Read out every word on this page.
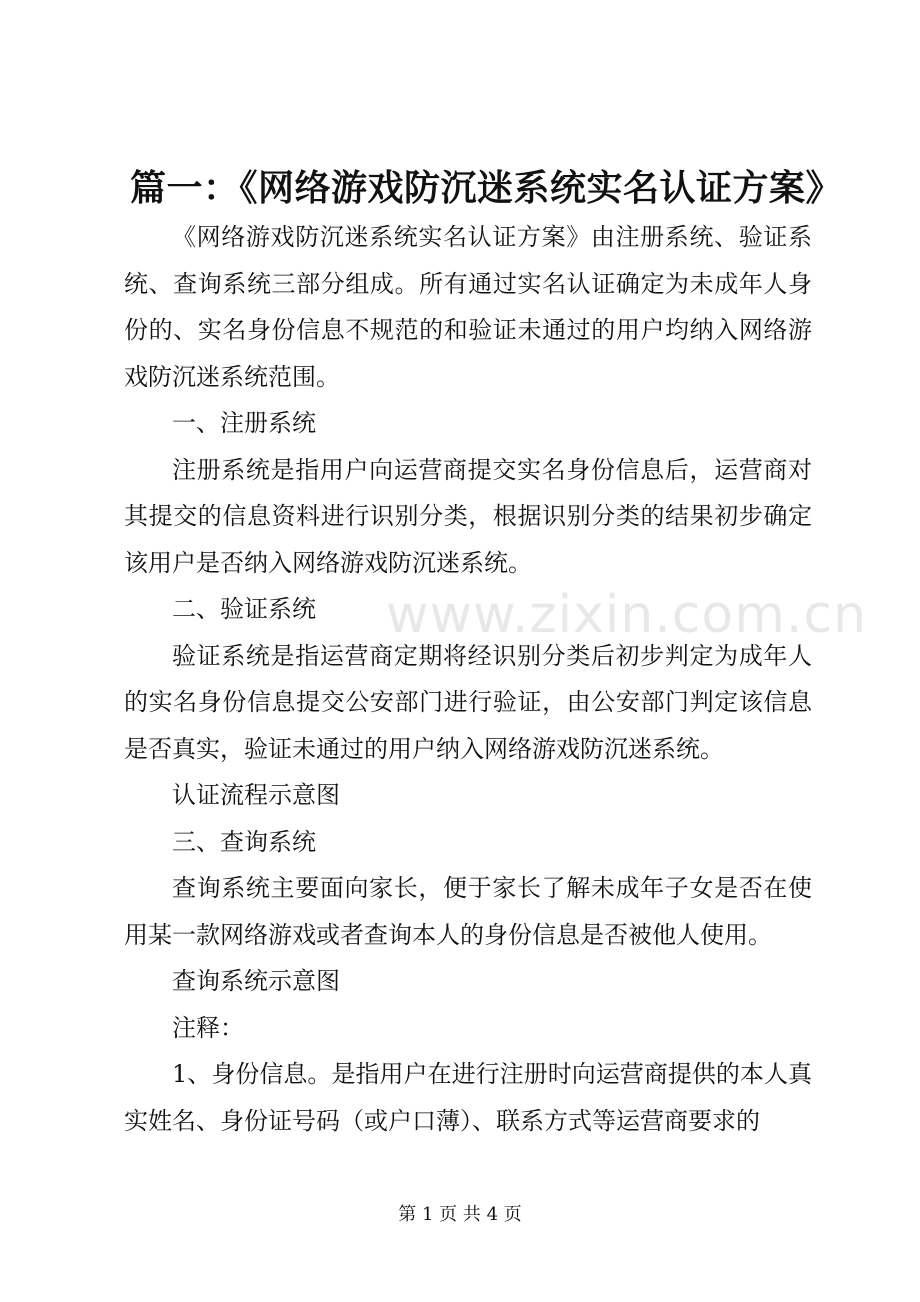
篇一：《网络游戏防沉迷系统实名认证方案》

《网络游戏防沉迷系统实名认证方案》由注册系统、验证系统、查询系统三部分组成。所有通过实名认证确定为未成年人身份的、实名身份信息不规范的和验证未通过的用户均纳入网络游戏防沉迷系统范围。

一、注册系统

注册系统是指用户向运营商提交实名身份信息后，运营商对其提交的信息资料进行识别分类，根据识别分类的结果初步确定该用户是否纳入网络游戏防沉迷系统。

二、验证系统

验证系统是指运营商定期将经识别分类后初步判定为成年人的实名身份信息提交公安部门进行验证，由公安部门判定该信息是否真实，验证未通过的用户纳入网络游戏防沉迷系统。

认证流程示意图

三、查询系统

查询系统主要面向家长，便于家长了解未成年子女是否在使用某一款网络游戏或者查询本人的身份信息是否被他人使用。

查询系统示意图

注释：

1、身份信息。是指用户在进行注册时向运营商提供的本人真实姓名、身份证号码（或户口薄）、联系方式等运营商要求的

www.zixin.com.cn
第 1 页 共 4 页
